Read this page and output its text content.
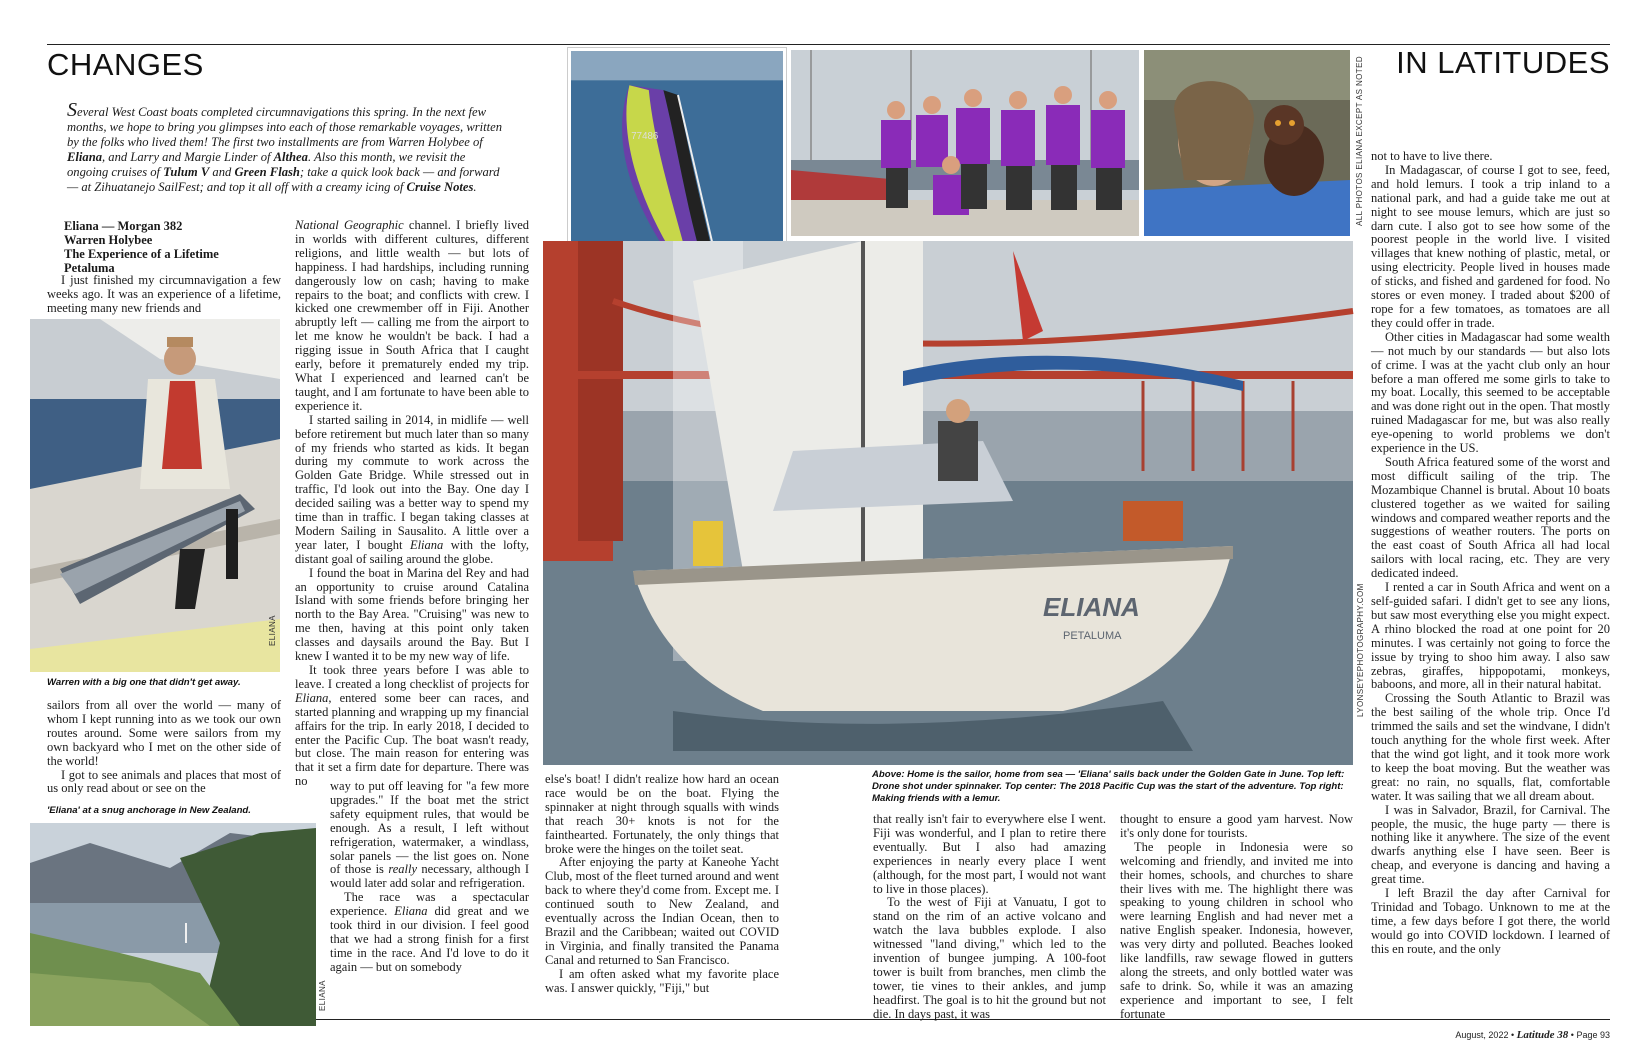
CHANGES	IN LATITUDES
Several West Coast boats completed circumnavigations this spring. In the next few months, we hope to bring you glimpses into each of those remarkable voyages, written by the folks who lived them! The first two installments are from Warren Holybee of Eliana, and Larry and Margie Linder of Althea. Also this month, we revisit the ongoing cruises of Tulum V and Green Flash; take a quick look back — and forward — at Zihuatanejo SailFest; and top it all off with a creamy icing of Cruise Notes.
Eliana — Morgan 382
Warren Holybee
The Experience of a Lifetime
Petaluma

I just finished my circumnavigation a few weeks ago. It was an experience of a lifetime, meeting many new friends and

ELIANA
Warren with a big one that didn't get away.

sailors from all over the world — many of whom I kept running into as we took our own routes around. Some were sailors from my own backyard who I met on the other side of the world!

I got to see animals and places that most of us only read about or see on the

'Eliana' at a snug anchorage in New Zealand.
ELIANA

National Geographic channel. I briefly lived in worlds with different cultures, different religions, and little wealth — but lots of happiness. I had hardships, including running dangerously low on cash; having to make repairs to the boat; and conflicts with crew. I kicked one crewmember off in Fiji. Another abruptly left — calling me from the airport to let me know he wouldn't be back. I had a rigging issue in South Africa that I caught early, before it prematurely ended my trip. What I experienced and learned can't be taught, and I am fortunate to have been able to experience it.

I started sailing in 2014, in midlife — well before retirement but much later than so many of my friends who started as kids. It began during my commute to work across the Golden Gate Bridge. While stressed out in traffic, I'd look out into the Bay. One day I decided sailing was a better way to spend my time than in traffic. I began taking classes at Modern Sailing in Sausalito. A little over a year later, I bought Eliana with the lofty, distant goal of sailing around the globe.

I found the boat in Marina del Rey and had an opportunity to cruise around Catalina Island with some friends before bringing her north to the Bay Area. "Cruising" was new to me then, having at this point only taken classes and daysails around the Bay. But I knew I wanted it to be my new way of life.

It took three years before I was able to leave. I created a long checklist of projects for Eliana, entered some beer can races, and started planning and wrapping up my financial affairs for the trip. In early 2018, I decided to enter the Pacific Cup. The boat wasn't ready, but close. The main reason for entering was that it set a firm date for departure. There was no	way to put off leaving for "a few more upgrades." If the boat met the strict safety equipment rules, that would be enough. As a result, I left without refrigeration, watermaker, a windlass, solar panels — the list goes on. None of those is really necessary, although I would later add solar and refrigeration.

The race was a spectacular experience. Eliana did great and we took third in our division. I feel good that we had a strong finish for a first time in the race. And I'd love to do it again — but on somebody

77486	ALL PHOTOS ELIANA EXCEPT AS NOTED
ELIANA
PETALUMA	LYONSEYEPHOTOGRAPHY.COM
Above: Home is the sailor, home from sea — 'Eliana' sails back under the Golden Gate in June. Top left: Drone shot under spinnaker. Top center: The 2018 Pacific Cup was the start of the adventure. Top right: Making friends with a lemur.

else's boat! I didn't realize how hard an ocean race would be on the boat. Flying the spinnaker at night through squalls with winds that reach 30+ knots is not for the fainthearted. Fortunately, the only things that broke were the hinges on the toilet seat.

After enjoying the party at Kaneohe Yacht Club, most of the fleet turned around and went back to where they'd come from. Except me. I continued south to New Zealand, and eventually across the Indian Ocean, then to Brazil and the Caribbean; waited out COVID in Virginia, and finally transited the Panama Canal and returned to San Francisco.

I am often asked what my favorite place was. I answer quickly, "Fiji," but

that really isn't fair to everywhere else I went. Fiji was wonderful, and I plan to retire there eventually. But I also had amazing experiences in nearly every place I went (although, for the most part, I would not want to live in those places).

To the west of Fiji at Vanuatu, I got to stand on the rim of an active volcano and watch the lava bubbles explode. I also witnessed "land diving," which led to the invention of bungee jumping. A 100-foot tower is built from branches, men climb the tower, tie vines to their ankles, and jump headfirst. The goal is to hit the ground but not die. In days past, it was

thought to ensure a good yam harvest. Now it's only done for tourists.

The people in Indonesia were so welcoming and friendly, and invited me into their homes, schools, and churches to share their lives with me. The highlight there was speaking to young children in school who were learning English and had never met a native English speaker. Indonesia, however, was very dirty and polluted. Beaches looked like landfills, raw sewage flowed in gutters along the streets, and only bottled water was safe to drink. So, while it was an amazing experience and important to see, I felt fortunate

not to have to live there.

In Madagascar, of course I got to see, feed, and hold lemurs. I took a trip inland to a national park, and had a guide take me out at night to see mouse lemurs, which are just so darn cute. I also got to see how some of the poorest people in the world live. I visited villages that knew nothing of plastic, metal, or using electricity. People lived in houses made of sticks, and fished and gardened for food. No stores or even money. I traded about $200 of rope for a few tomatoes, as tomatoes are all they could offer in trade.

Other cities in Madagascar had some wealth — not much by our standards — but also lots of crime. I was at the yacht club only an hour before a man offered me some girls to take to my boat. Locally, this seemed to be acceptable and was done right out in the open. That mostly ruined Madagascar for me, but was also really eye-opening to world problems we don't experience in the US.

South Africa featured some of the worst and most difficult sailing of the trip. The Mozambique Channel is brutal. About 10 boats clustered together as we waited for sailing windows and compared weather reports and the suggestions of weather routers. The ports on the east coast of South Africa all had local sailors with local racing, etc. They are very dedicated indeed.

I rented a car in South Africa and went on a self-guided safari. I didn't get to see any lions, but saw most everything else you might expect. A rhino blocked the road at one point for 20 minutes. I was certainly not going to force the issue by trying to shoo him away. I also saw zebras, giraffes, hippopotami, monkeys, baboons, and more, all in their natural habitat.

Crossing the South Atlantic to Brazil was the best sailing of the whole trip. Once I'd trimmed the sails and set the windvane, I didn't touch anything for the whole first week. After that the wind got light, and it took more work to keep the boat moving. But the weather was great: no rain, no squalls, flat, comfortable water. It was sailing that we all dream about.

I was in Salvador, Brazil, for Carnival. The people, the music, the huge party — there is nothing like it anywhere. The size of the event dwarfs anything else I have seen. Beer is cheap, and everyone is dancing and having a great time.

I left Brazil the day after Carnival for Trinidad and Tobago. Unknown to me at the time, a few days before I got there, the world would go into COVID lockdown. I learned of this en route, and the only

August, 2022 • Latitude 38 • Page 93
